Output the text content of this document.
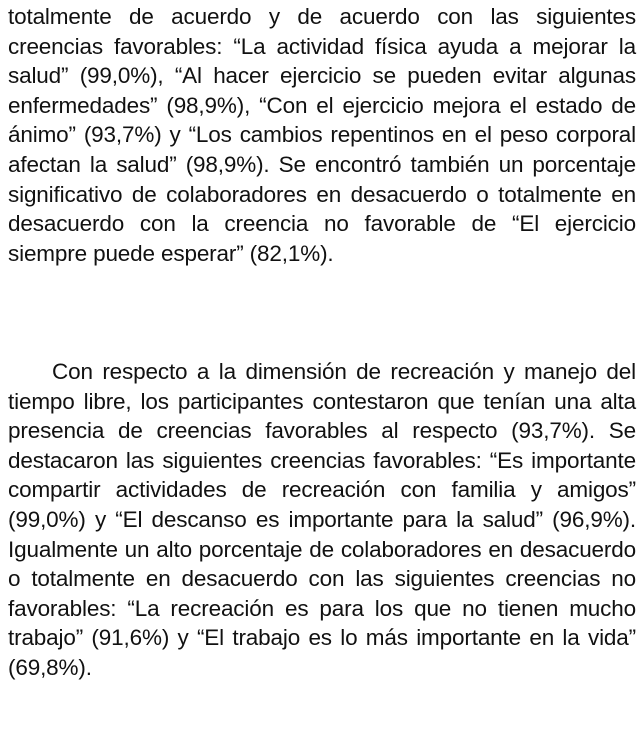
totalmente de acuerdo y de acuerdo con las siguientes creencias favorables: “La actividad física ayuda a mejorar la salud” (99,0%), “Al hacer ejercicio se pueden evitar algunas enfermedades” (98,9%), “Con el ejercicio mejora el estado de ánimo” (93,7%) y “Los cambios repentinos en el peso corporal afectan la salud” (98,9%). Se encontró también un porcentaje significativo de colaboradores en desacuerdo o totalmente en desacuerdo con la creencia no favorable de “El ejercicio siempre puede esperar” (82,1%).

Con respecto a la dimensión de recreación y manejo del tiempo libre, los participantes contestaron que tenían una alta presencia de creencias favorables al respecto (93,7%). Se destacaron las siguientes creencias favorables: “Es importante compartir actividades de recreación con familia y amigos” (99,0%) y “El descanso es importante para la salud” (96,9%). Igualmente un alto porcentaje de colaboradores en desacuerdo o totalmente en desacuerdo con las siguientes creencias no favorables: “La recreación es para los que no tienen mucho trabajo” (91,6%) y “El trabajo es lo más importante en la vida” (69,8%).
